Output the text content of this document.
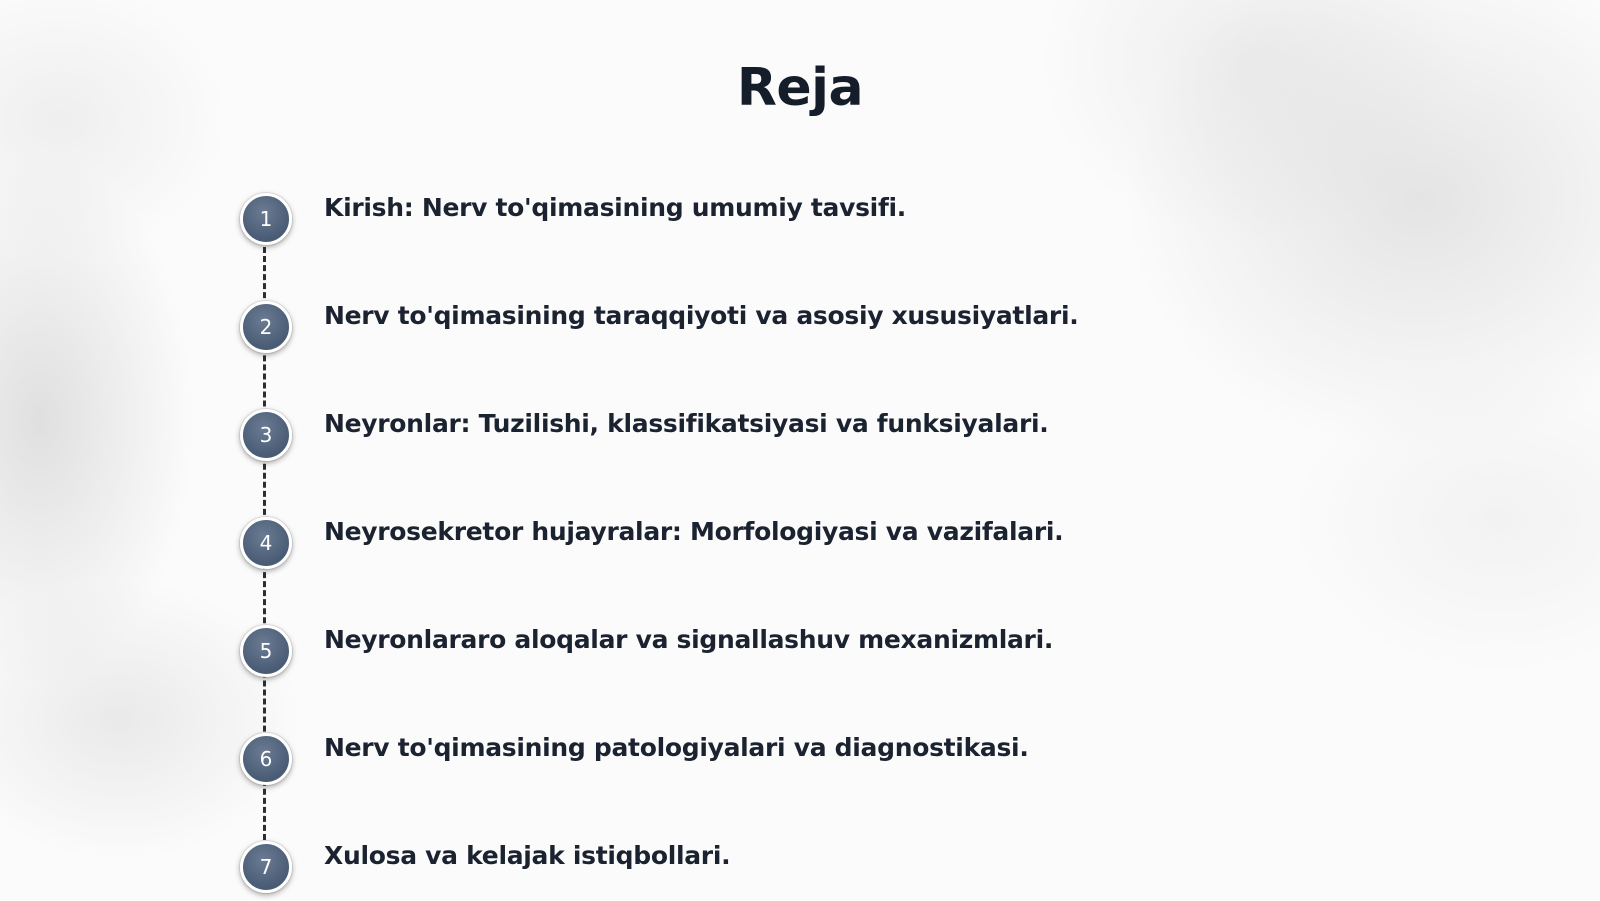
Reja
1	Kirish: Nerv to'qimasining umumiy tavsifi.
2	Nerv to'qimasining taraqqiyoti va asosiy xususiyatlari.
3	Neyronlar: Tuzilishi, klassifikatsiyasi va funksiyalari.
4	Neyrosekretor hujayralar: Morfologiyasi va vazifalari.
5	Neyronlararo aloqalar va signallashuv mexanizmlari.
6	Nerv to'qimasining patologiyalari va diagnostikasi.
7	Xulosa va kelajak istiqbollari.
